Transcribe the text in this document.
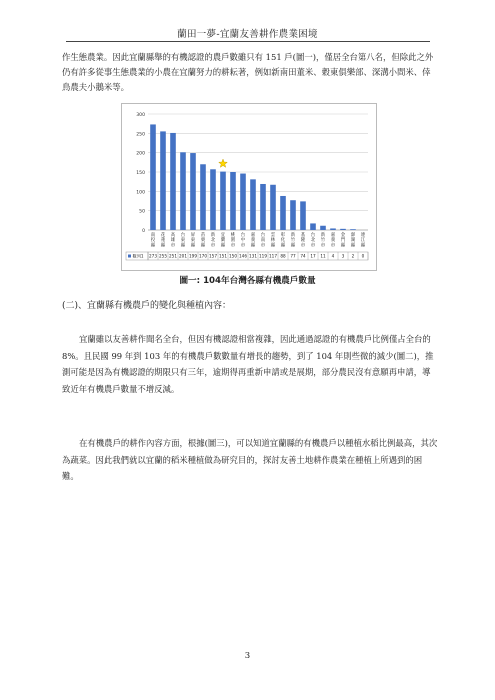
蘭田一夢-宜蘭友善耕作農業困境

作生態農業。因此宜蘭縣舉的有機認證的農戶數雖只有 151 戶(圖一)，僅居全台第八名，但除此之外仍有許多從事生態農業的小農在宜蘭努力的耕耘著，例如新南田董米、穀東俱樂部、深溝小間米、倖鳥農夫小鵝米等。

0
50
100
150
200
250
300
南
投
縣
花
蓮
縣
高
雄
市
台
東
縣
屏
東
縣
苗
栗
縣
新
北
市
宜
蘭
縣
桃
園
市
台
中
市
嘉
義
縣
台
南
市
雲
林
縣
彰
化
縣
新
竹
縣
基
隆
市
台
北
市
新
竹
市
嘉
義
市
金
門
縣
澎
湖
縣
連
江
縣
273 255 251 201 199 170 157 151 150 146 131 119 117 88 77 74 17 11 4 3 2 0
數列1
圖一: 104年台灣各縣有機農戶數量

(二)、宜蘭縣有機農戶的變化與種植內容：

宜蘭雖以友善耕作聞名全台，但因有機認證相當複雜，因此通過認證的有機農戶比例僅占全台的 8%。且民國 99 年到 103 年的有機農戶數數量有增長的趨勢，到了 104 年則些微的減少(圖二)，推測可能是因為有機認證的期限只有三年，逾期得再重新申請或是展期，部分農民沒有意願再申請，導致近年有機農戶數量不增反減。

在有機農戶的耕作內容方面，根據(圖三)，可以知道宜蘭縣的有機農戶以種植水稻比例最高，其次為蔬菜。因此我們就以宜蘭的稻米種植做為研究目的，探討友善土地耕作農業在種植上所遇到的困難。

3
